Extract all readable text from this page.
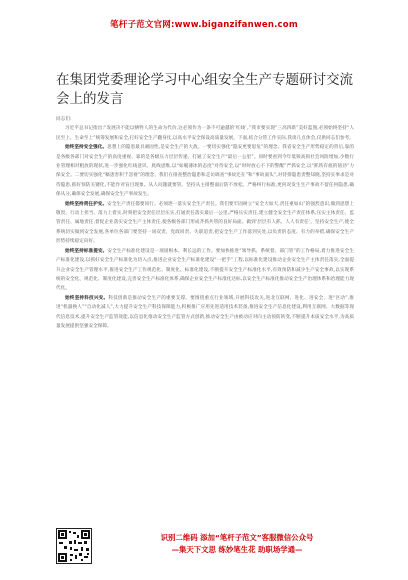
笔杆子范文官网:www.biganzifanwen.com
在集团党委理论学习中心组安全生产专题研讨交流会上的发言

同志们:

习近平总书记指出:“发展决不能以牺牲人的生命为代价,这必须作为一条不可逾越的‘红线’。”我市要实现“三高四新”美好蓝图,必须始终坚持“人民至上、生命至上”统筹发展和安全,打好安全生产翻身仗,以高水平安全保设高质量发展。下面,结合分管工作实际,我谈几点体会,仅供同志们参考。

始终坚持安全强化。思想上的隐患最具顽固性,是安全生产的大敌。一要切实强化“隐安更要思危”的理念。我省安全生产形势稳定的背后,靠的是各级各部门对安全生产的高度重视、靠的是各级压力层层传递、打通了安全生产“最后一公里”。同时要看到今年低频高损社会风险增加,少数行业管理相对粗放的现状,进一步强化红线意识、底线思维,以“如履薄冰的态度”对待安全,以“时时放心不下的警醒”严抓安全,以“抓铁有痕的韧劲”力保安全。二要切实强化“稿患害积于忽视”的理念。我们在排查整治隐患和走访调查“事故还在”和“事故面头”,对待排隐患责整知晓,坚持实事求是对待隐患,抓好预防关键化,不能作对盲目现象。从人问题就要管。坚持从主排整面后防不放松。严格纠行标准,更何况发生生产事故不留任何隐患,确保从分,确保安全发展,确保安全生产事故发生。

始终坚持责任护安。安全生产责任都要同行。必须逐一落实安全生产责任。我们要牢固树立“安全大如天,责任重如山”的强烈意识,做到思想上敬畏、行动上担当、落力上着实,时刻把安全责任层层压实,打通责任落实最后一公里,严格压实责任,建立健全安全生产责任体系,压实主体责任、监管责任、属地责任,督促企业落实安全生产主体责任,使各级各部门形成齐抓共管的良好局面。做到‘层层有人抓、人人有责任’。坚持安全生产,使全系统切实做到安全发展,各单位各部门要坚持一岗双责、党政同责、失职追责,把安全生产工作落到实处,以负责的态度、有力的举措,确保安全生产形势持续稳定向好。

始终坚持标准提安。安全生产标准化建设是一项固根本、利长远的工作。要加快推进“领导抓、系统督、部门管”的工作格局,着力推进安全生产标准化建设,以抓好安全生产标准化为切入点,推进企业安全生产标准化建设“一把手”工程,以标准化建设推动企业安全生产主体责任落实,全面提升企业安全生产管理水平,推进安全生产工作规范化、制度化、标准化建设,不断提升安全生产标准化水平,有效预防和减少生产安全事故,以实现系统的安全化、规范化、制度化建设,完善安全生产标准化体系,确保企业安全生产标准化达标,以安全生产标准化推动安全生产治理体系和治理能力现代化。

始终坚持科技兴安。科技创新是推动安全生产的重要支撑。要围绕重点行业领域,开展科技攻关,进北互联网、进化、进安全、进“区动”,推进“机器换人”“自动化减人”,大力提升安全生产科技保障能力,积极推广应用先进适用技术装备,推进安全生产信息化建设,利用互联网、大数据等现代信息技术,提升安全生产监管效能,以信息化推动安全生产监管方式创新,推动安全生产由被动应对向主动预防转变,不断提升本质安全水平,为高质量发展提供坚强安全保障。

识别二维码 添加“笔杆子范文”客服微信公众号
—集天下文思 练妙笔生花 助职场学通—
